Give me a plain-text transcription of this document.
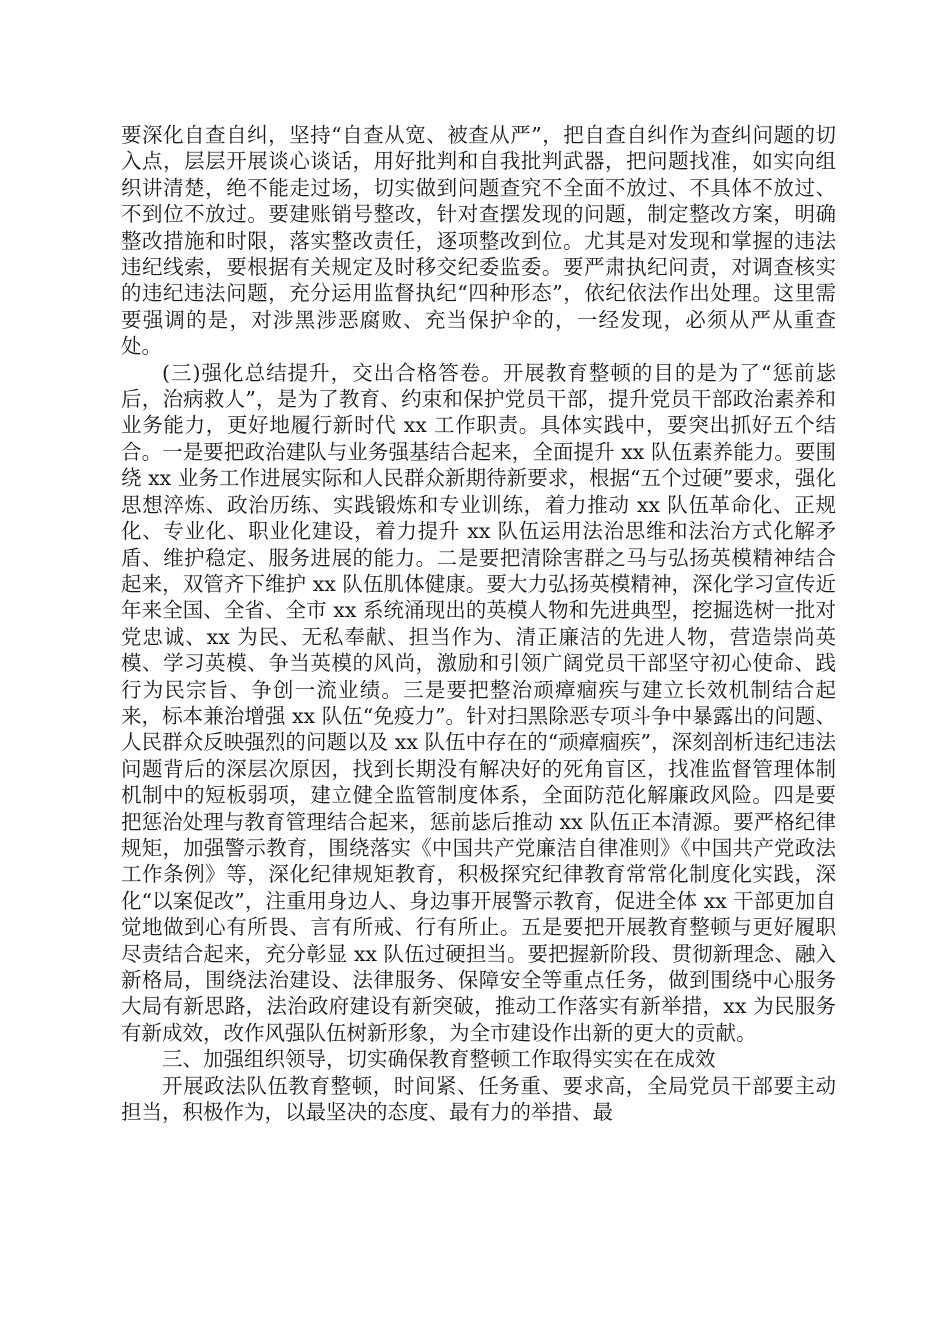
要深化自查自纠，坚持“自查从宽、被查从严”，把自查自纠作为查纠问题的切入点，层层开展谈心谈话，用好批判和自我批判武器，把问题找准，如实向组织讲清楚，绝不能走过场，切实做到问题查究不全面不放过、不具体不放过、不到位不放过。要建账销号整改，针对查摆发现的问题，制定整改方案，明确整改措施和时限，落实整改责任，逐项整改到位。尤其是对发现和掌握的违法违纪线索，要根据有关规定及时移交纪委监委。要严肃执纪问责，对调查核实的违纪违法问题，充分运用监督执纪“四种形态”，依纪依法作出处理。这里需要强调的是，对涉黑涉恶腐败、充当保护伞的，一经发现，必须从严从重查处。

(三)强化总结提升，交出合格答卷。开展教育整顿的目的是为了“惩前毖后，治病救人”，是为了教育、约束和保护党员干部，提升党员干部政治素养和业务能力，更好地履行新时代 xx 工作职责。具体实践中，要突出抓好五个结合。一是要把政治建队与业务强基结合起来，全面提升 xx 队伍素养能力。要围绕 xx 业务工作进展实际和人民群众新期待新要求，根据“五个过硬”要求，强化思想淬炼、政治历练、实践锻炼和专业训练，着力推动 xx 队伍革命化、正规化、专业化、职业化建设，着力提升 xx 队伍运用法治思维和法治方式化解矛盾、维护稳定、服务进展的能力。二是要把清除害群之马与弘扬英模精神结合起来，双管齐下维护 xx 队伍肌体健康。要大力弘扬英模精神，深化学习宣传近年来全国、全省、全市 xx 系统涌现出的英模人物和先进典型，挖掘选树一批对党忠诚、xx 为民、无私奉献、担当作为、清正廉洁的先进人物，营造崇尚英模、学习英模、争当英模的风尚，激励和引领广阔党员干部坚守初心使命、践行为民宗旨、争创一流业绩。三是要把整治顽瘴痼疾与建立长效机制结合起来，标本兼治增强 xx 队伍“免疫力”。针对扫黑除恶专项斗争中暴露出的问题、人民群众反映强烈的问题以及 xx 队伍中存在的“顽瘴痼疾”，深刻剖析违纪违法问题背后的深层次原因，找到长期没有解决好的死角盲区，找准监督管理体制机制中的短板弱项，建立健全监管制度体系，全面防范化解廉政风险。四是要把惩治处理与教育管理结合起来，惩前毖后推动 xx 队伍正本清源。要严格纪律规矩，加强警示教育，围绕落实《中国共产党廉洁自律准则》《中国共产党政法工作条例》等，深化纪律规矩教育，积极探究纪律教育常常化制度化实践，深化“以案促改”，注重用身边人、身边事开展警示教育，促进全体 xx 干部更加自觉地做到心有所畏、言有所戒、行有所止。五是要把开展教育整顿与更好履职尽责结合起来，充分彰显 xx 队伍过硬担当。要把握新阶段、贯彻新理念、融入新格局，围绕法治建设、法律服务、保障安全等重点任务，做到围绕中心服务大局有新思路，法治政府建设有新突破，推动工作落实有新举措，xx 为民服务有新成效，改作风强队伍树新形象，为全市建设作出新的更大的贡献。

三、加强组织领导，切实确保教育整顿工作取得实实在在成效

开展政法队伍教育整顿，时间紧、任务重、要求高，全局党员干部要主动担当，积极作为，以最坚决的态度、最有力的举措、最
